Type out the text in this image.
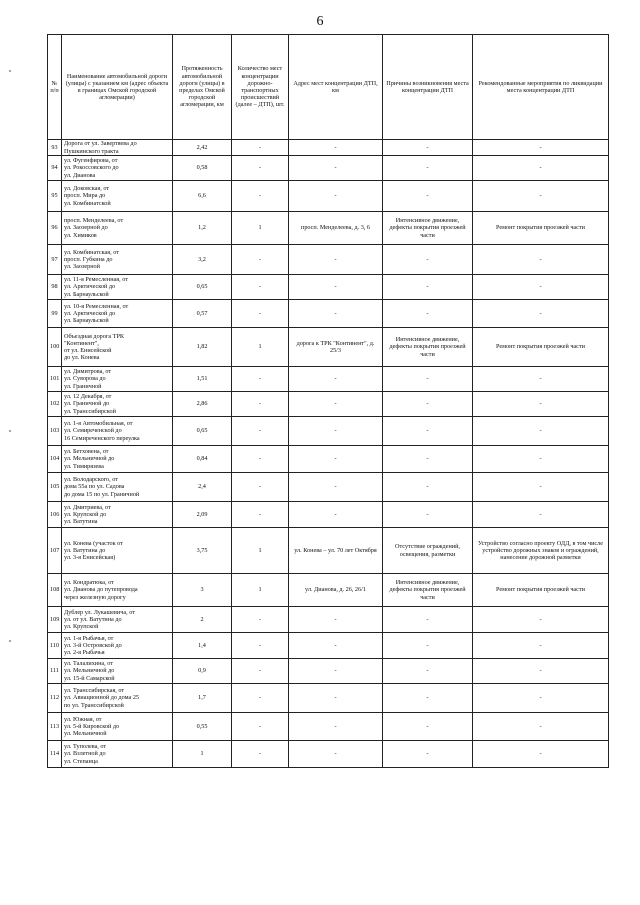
6
№ п/п	Наименование автомобильной дороги (улицы) с указанием км (адрес объекта в границах Омской городской агломерации)	Протяженность автомобильной дороги (улицы) в пределах Омской городской агломерации, км	Количество мест концентрации дорожно-транспортных происшествий (далее – ДТП), шт.	Адрес мест концентрации ДТП, км	Причины возникновения места концентрации ДТП	Рекомендованные мероприятия по ликвидации места концентрации ДТП
93	Дорога от ул. Завертяева до
Пушкинского тракта	2,42	-	-	-	-
94	ул. Фугенфирова, от
ул. Рокоссовского до
ул. Дианова	0,58	-	-	-	-
95	ул. Доковская, от
просп. Мира до
ул. Комбинатской	6,6	-	-	-	-
96	просп. Менделеева, от
ул. Заозерной до
ул. Химиков	1,2	1	просп. Менделеева, д. 3, 6	Интенсивное движение, дефекты покрытия проезжей части	Ремонт покрытия проезжей части
97	ул. Комбинатская, от
просп. Губкина до
ул. Заозерной	3,2	-	-	-	-
98	ул. 11-я Ремесленная, от
ул. Арктической до
ул. Барнаульской	0,65	-	-	-	-
99	ул. 10-я Ремесленная, от
ул. Арктической до
ул. Барнаульской	0,57	-	-	-	-
100	Объездная дорога ТРК
"Континент",
от ул. Енисейской
до ул. Конева	1,82	1	дорога к ТРК "Континент", д. 25/3	Интенсивное движение, дефекты покрытия проезжей части	Ремонт покрытия проезжей части
101	ул. Димитрова, от
ул. Суворова до
ул. Граничной	1,51	-	-	-	-
102	ул. 12 Декабря, от
ул. Граничной до
ул. Транссибирской	2,86	-	-	-	-
103	ул. 1-я Автомобильная, от
ул. Семиреченской до
16 Семиреченского переулка	0,65	-	-	-	-
104	ул. Бетховена, от
ул. Мельничной до
ул. Тимирязева	0,84	-	-	-	-
105	ул. Володарского, от
дома 55а по ул. Садова
до дома 15 по ул. Граничной	2,4	-	-	-	-
106	ул. Дмитриева, от
ул. Крупской до
ул. Ватутина	2,09	-	-	-	-
107	ул. Конева (участок от
ул. Ватутина до
ул. 3-я Енисейская)	3,75	1	ул. Конева – ул. 70 лет Октября	Отсутствие ограждений, освещения, разметки	Устройство согласно проекту ОДД, в том числе устройство дорожных знаков и ограждений, нанесение дорожной разметки
108	ул. Кондратюка, от
ул. Дианова до путепровода
через железную дорогу	3	1	ул. Дианова, д. 26, 26/1	Интенсивное движение, дефекты покрытия проезжей части	Ремонт покрытия проезжей части
109	Дублер ул. Лукашевича, от
ул. от ул. Ватутина до
ул. Крупской	2	-	-	-	-
110	ул. 1-я Рыбачья, от
ул. 3-й Островской до
ул. 2-я Рыбачья	1,4	-	-	-	-
111	ул. Талалихина, от
ул. Мельничной до
ул. 15-й Самарской	0,9	-	-	-	-
112	ул. Транссибирская, от
ул. Авиационной до дома 25
по ул. Транссибирской	1,7	-	-	-	-
113	ул. Южная, от
ул. 5-й Кировской до
ул. Мельничной	0,55	-	-	-	-
114	ул. Туполева, от
ул. Взлетной до
ул. Степанца	1	-	-	-	-
